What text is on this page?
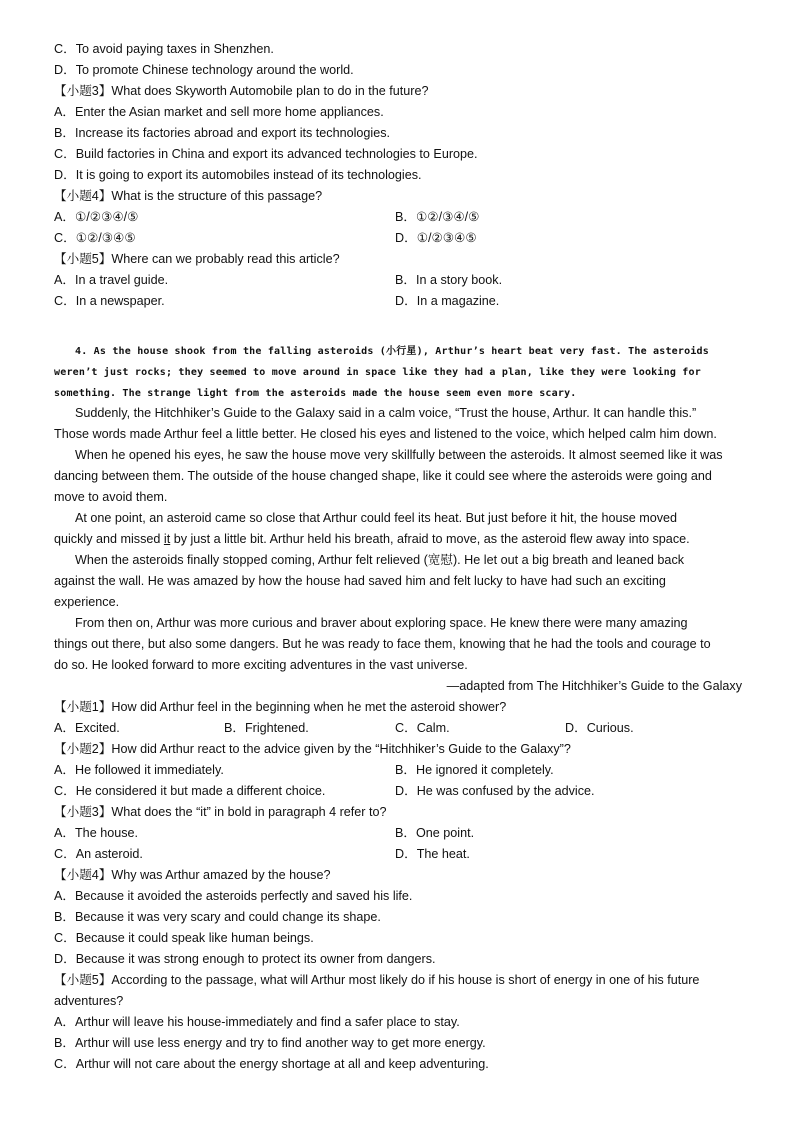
C．To avoid paying taxes in Shenzhen.
D．To promote Chinese technology around the world.
【小题3】What does Skyworth Automobile plan to do in the future?
A．Enter the Asian market and sell more home appliances.
B．Increase its factories abroad and export its technologies.
C．Build factories in China and export its advanced technologies to Europe.
D．It is going to export its automobiles instead of its technologies.
【小题4】What is the structure of this passage?
A．①/②③④/⑤	B．①②/③④/⑤
C．①②/③④⑤	D．①/②③④⑤
【小题5】Where can we probably read this article?
A．In a travel guide.	B．In a story book.
C．In a newspaper.	D．In a magazine.
4. As the house shook from the falling asteroids (小行星), Arthur’s heart beat very fast. The asteroids
weren’t just rocks; they seemed to move around in space like they had a plan, like they were looking for
something. The strange light from the asteroids made the house seem even more scary.
Suddenly, the Hitchhiker’s Guide to the Galaxy said in a calm voice, “Trust the house, Arthur. It can handle this.”
Those words made Arthur feel a little better. He closed his eyes and listened to the voice, which helped calm him down.
When he opened his eyes, he saw the house move very skillfully between the asteroids. It almost seemed like it was
dancing between them. The outside of the house changed shape, like it could see where the asteroids were going and
move to avoid them.
At one point, an asteroid came so close that Arthur could feel its heat. But just before it hit, the house moved
quickly and missed it by just a little bit. Arthur held his breath, afraid to move, as the asteroid flew away into space.
When the asteroids finally stopped coming, Arthur felt relieved (宽慰). He let out a big breath and leaned back
against the wall. He was amazed by how the house had saved him and felt lucky to have had such an exciting
experience.
From then on, Arthur was more curious and braver about exploring space. He knew there were many amazing
things out there, but also some dangers. But he was ready to face them, knowing that he had the tools and courage to
do so. He looked forward to more exciting adventures in the vast universe.
—adapted from The Hitchhiker’s Guide to the Galaxy
【小题1】How did Arthur feel in the beginning when he met the asteroid shower?
A．Excited.	B．Frightened.	C．Calm.	D．Curious.
【小题2】How did Arthur react to the advice given by the “Hitchhiker’s Guide to the Galaxy”?
A．He followed it immediately.	B．He ignored it completely.
C．He considered it but made a different choice.	D．He was confused by the advice.
【小题3】What does the “it” in bold in paragraph 4 refer to?
A．The house.	B．One point.
C．An asteroid.	D．The heat.
【小题4】Why was Arthur amazed by the house?
A．Because it avoided the asteroids perfectly and saved his life.
B．Because it was very scary and could change its shape.
C．Because it could speak like human beings.
D．Because it was strong enough to protect its owner from dangers.
【小题5】According to the passage, what will Arthur most likely do if his house is short of energy in one of his future
adventures?
A．Arthur will leave his house-immediately and find a safer place to stay.
B．Arthur will use less energy and try to find another way to get more energy.
C．Arthur will not care about the energy shortage at all and keep adventuring.
